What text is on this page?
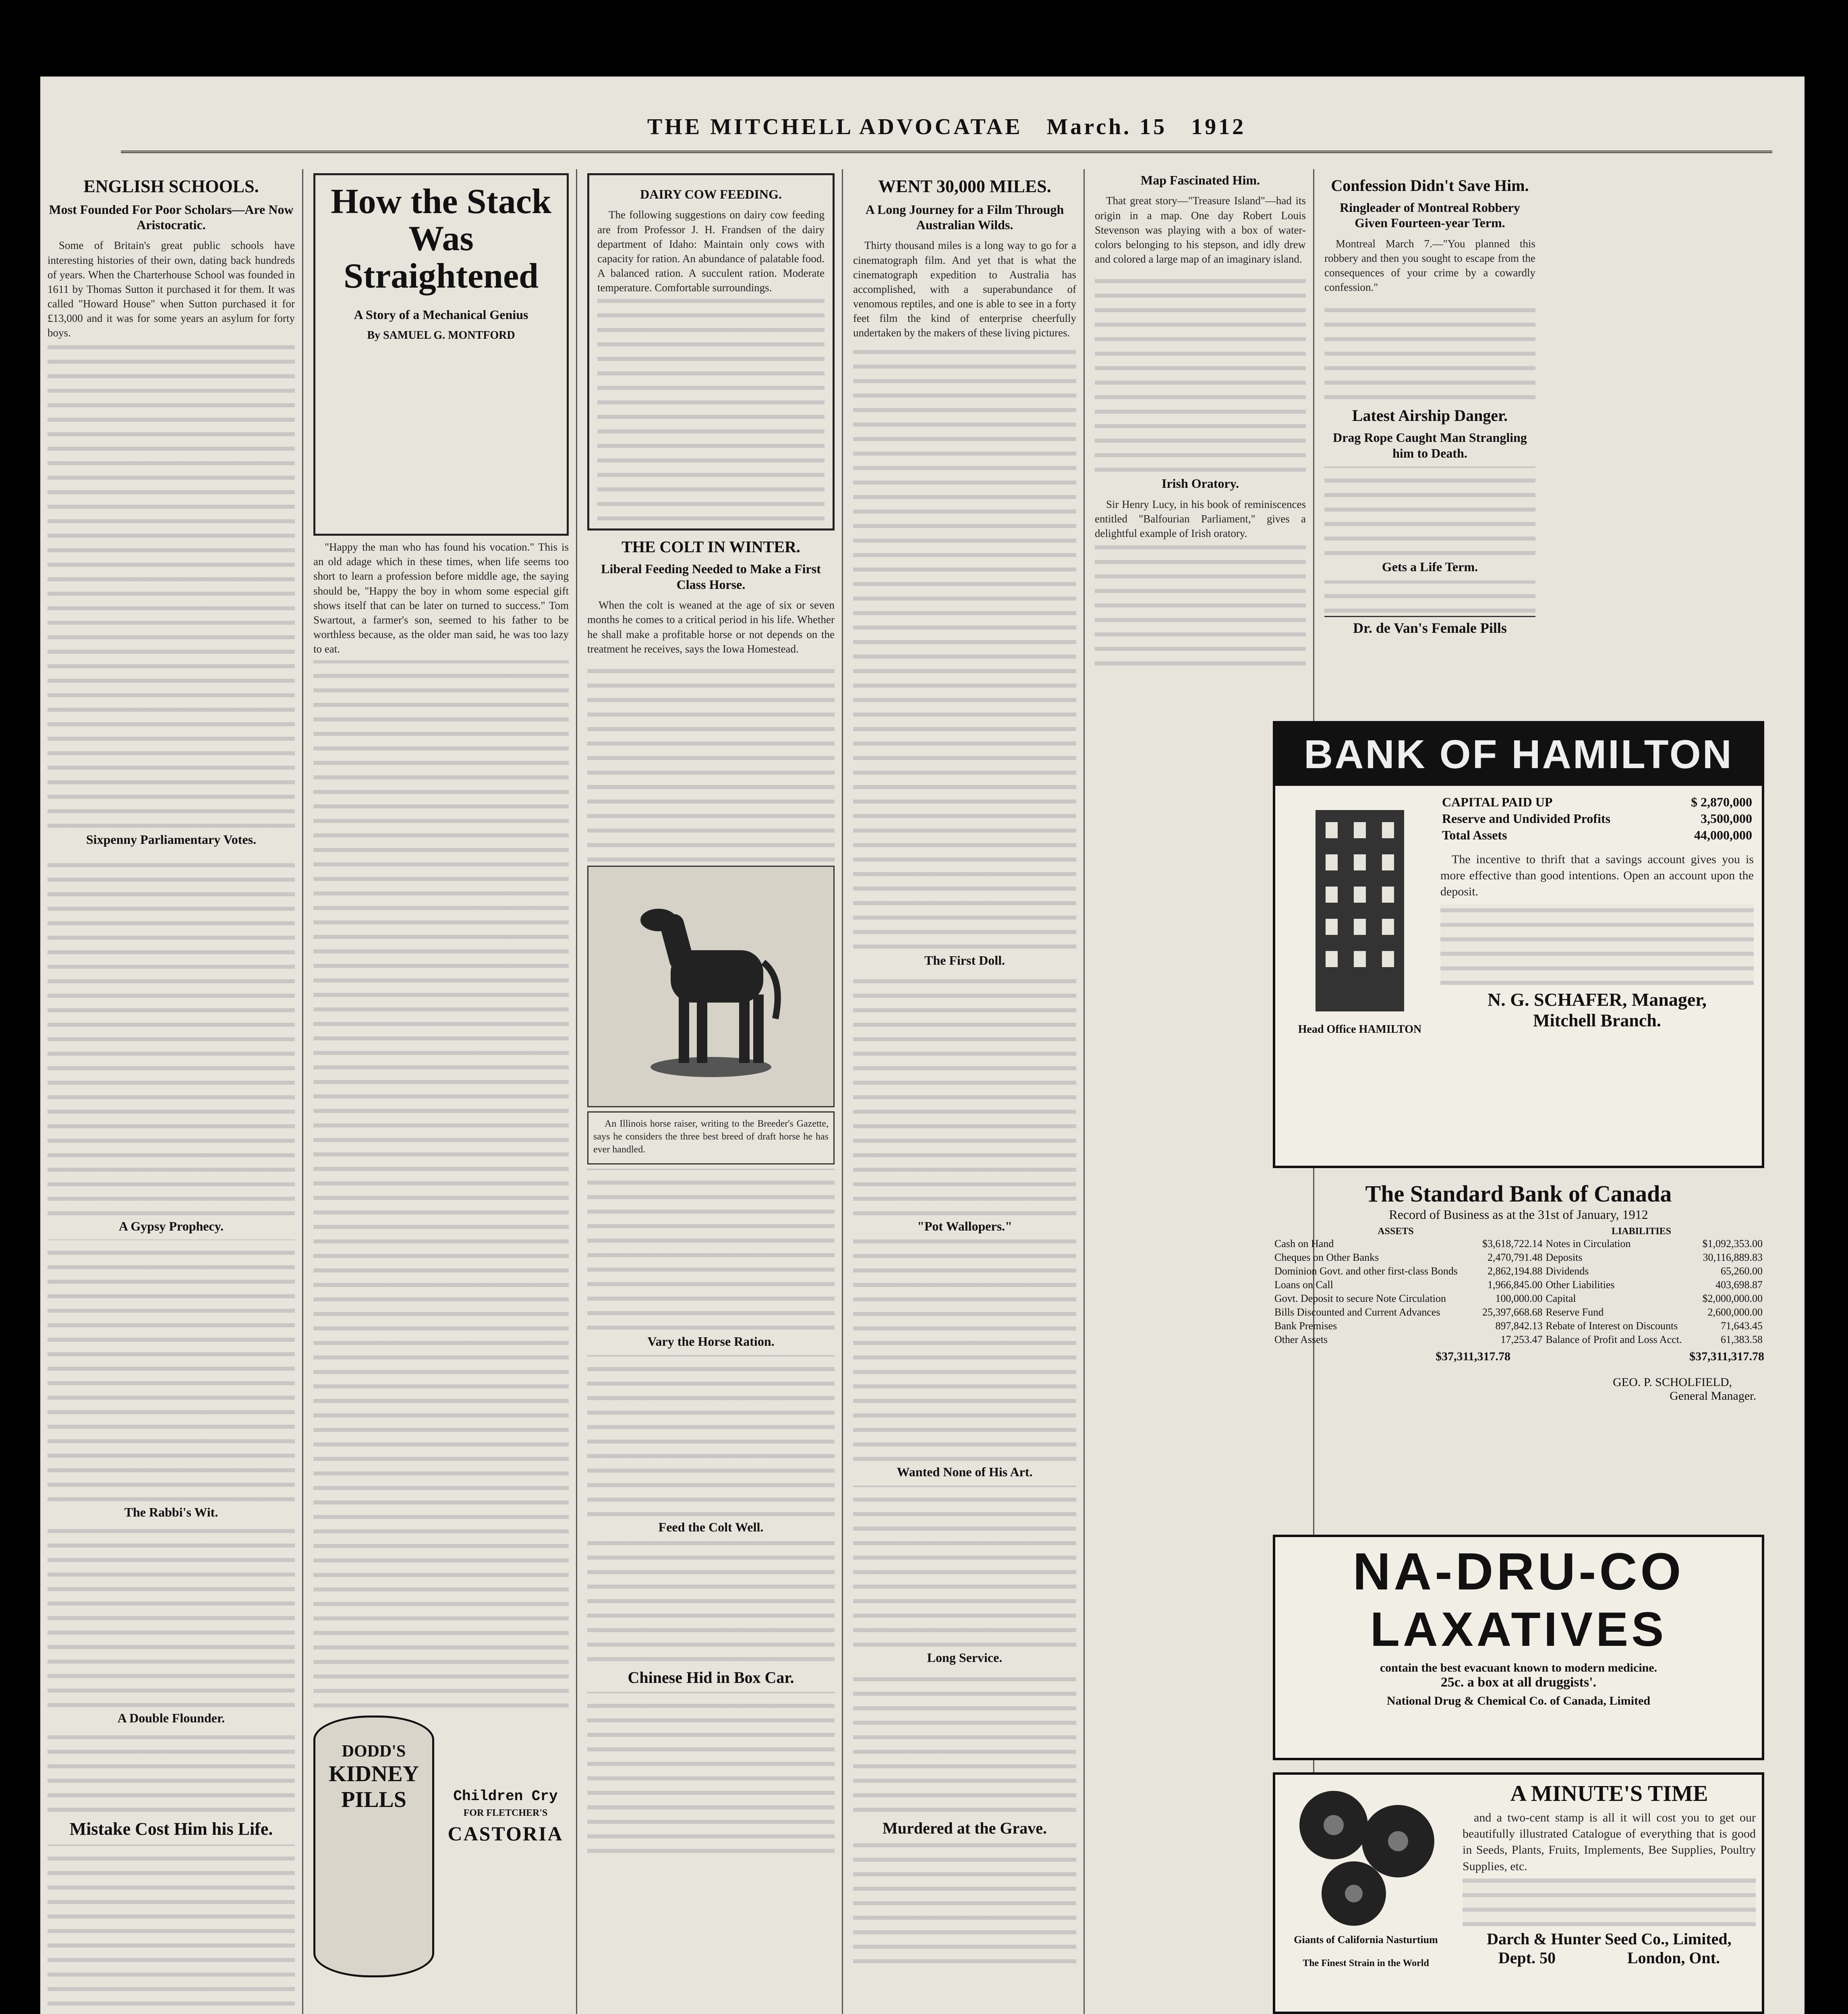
THE MITCHELL ADVOCATAE March. 15 1912
ENGLISH SCHOOLS.
Most Founded For Poor Scholars—Are Now Aristocratic.

Some of Britain's great public schools have interesting histories of their own, dating back hundreds of years. When the Charterhouse School was founded in 1611 by Thomas Sutton it purchased it for them. It was called "Howard House" when Sutton purchased it for £13,000 and it was for some years an asylum for forty boys.

Sixpenny Parliamentary Votes.
A Gypsy Prophecy.
The Rabbi's Wit.
A Double Flounder.
Mistake Cost Him his Life.
How the Stack Was Straightened
A Story of a Mechanical Genius
By SAMUEL G. MONTFORD

"Happy the man who has found his vocation." This is an old adage which in these times, when life seems too short to learn a profession before middle age, the saying should be, "Happy the boy in whom some especial gift shows itself that can be later on turned to success." Tom Swartout, a farmer's son, seemed to his father to be worthless because, as the older man said, he was too lazy to eat.

DODD'S
KIDNEY
PILLS	Children Cry
FOR FLETCHER'S
CASTORIA
DAIRY COW FEEDING.

The following suggestions on dairy cow feeding are from Professor J. H. Frandsen of the dairy department of Idaho: Maintain only cows with capacity for ration. An abundance of palatable food. A balanced ration. A succulent ration. Moderate temperature. Comfortable surroundings.

THE COLT IN WINTER.
Liberal Feeding Needed to Make a First Class Horse.

When the colt is weaned at the age of six or seven months he comes to a critical period in his life. Whether he shall make a profitable horse or not depends on the treatment he receives, says the Iowa Homestead.

An Illinois horse raiser, writing to the Breeder's Gazette, says he considers the three best breed of draft horse he has ever handled.

Vary the Horse Ration.
Feed the Colt Well.
Chinese Hid in Box Car.
WENT 30,000 MILES.
A Long Journey for a Film Through Australian Wilds.

Thirty thousand miles is a long way to go for a cinematograph film. And yet that is what the cinematograph expedition to Australia has accomplished, with a superabundance of venomous reptiles, and one is able to see in a forty feet film the kind of enterprise cheerfully undertaken by the makers of these living pictures.

The First Doll.
"Pot Wallopers."
Wanted None of His Art.
Long Service.
Murdered at the Grave.
Map Fascinated Him.

That great story—"Treasure Island"—had its origin in a map. One day Robert Louis Stevenson was playing with a box of water-colors belonging to his stepson, and idly drew and colored a large map of an imaginary island.

Irish Oratory.

Sir Henry Lucy, in his book of reminiscences entitled "Balfourian Parliament," gives a delightful example of Irish oratory.

Confession Didn't Save Him.
Ringleader of Montreal Robbery Given Fourteen-year Term.

Montreal March 7.—"You planned this robbery and then you sought to escape from the consequences of your crime by a cowardly confession."

Latest Airship Danger.
Drag Rope Caught Man Strangling him to Death.
Gets a Life Term.
Dr. de Van's Female Pills
BANK OF HAMILTON
Head Office HAMILTON
CAPITAL PAID UP	$ 2,870,000
Reserve and Undivided Profits	3,500,000
Total Assets	44,000,000

The incentive to thrift that a savings account gives you is more effective than good intentions. Open an account upon the deposit.

N. G. SCHAFER, Manager,
Mitchell Branch.
The Standard Bank of Canada
Record of Business as at the 31st of January, 1912
ASSETS	LIABILITIES
Cash on Hand	$3,618,722.14	Notes in Circulation	$1,092,353.00
Cheques on Other Banks	2,470,791.48	Deposits	30,116,889.83
Dominion Govt. and other first-class Bonds	2,862,194.88	Dividends	65,260.00
Loans on Call	1,966,845.00	Other Liabilities	403,698.87
Govt. Deposit to secure Note Circulation	100,000.00	Capital	$2,000,000.00
Bills Discounted and Current Advances	25,397,668.68	Reserve Fund	2,600,000.00
Bank Premises	897,842.13	Rebate of Interest on Discounts	71,643.45
Other Assets	17,253.47	Balance of Profit and Loss Acct.	61,383.58
$37,311,317.78	$37,311,317.78
GEO. P. SCHOLFIELD,
General Manager.
NA-DRU-CO
LAXATIVES
contain the best evacuant known to modern medicine.
25c. a box at all druggists'.
National Drug & Chemical Co. of Canada, Limited
Giants of California Nasturtium
The Finest Strain in the World
A MINUTE'S TIME

and a two-cent stamp is all it will cost you to get our beautifully illustrated Catalogue of everything that is good in Seeds, Plants, Fruits, Implements, Bee Supplies, Poultry Supplies, etc.

Darch & Hunter Seed Co., Limited,
Dept. 50	London, Ont.
